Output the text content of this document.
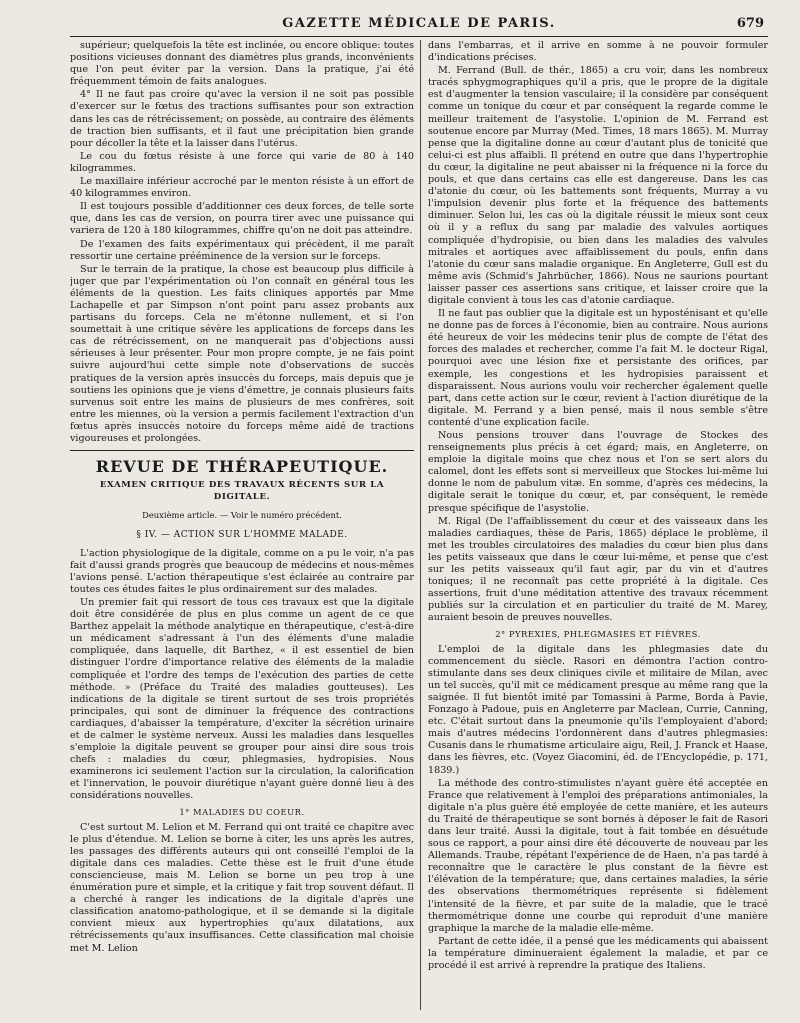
GAZETTE MÉDICALE DE PARIS.	679

supérieur; quelquefois la tête est inclinée, ou encore oblique: toutes positions vicieuses donnant des diamètres plus grands, inconvénients que l'on peut éviter par la version. Dans la pratique, j'ai été fréquemment témoin de faits analogues.

4° Il ne faut pas croire qu'avec la version il ne soit pas possible d'exercer sur le fœtus des tractions suffisantes pour son extraction dans les cas de rétrécissement; on possède, au contraire des éléments de traction bien suffisants, et il faut une précipitation bien grande pour décoller la tête et la laisser dans l'utérus.

Le cou du fœtus résiste à une force qui varie de 80 à 140 kilogrammes.

Le maxillaire inférieur accroché par le menton résiste à un effort de 40 kilogrammes environ.

Il est toujours possible d'additionner ces deux forces, de telle sorte que, dans les cas de version, on pourra tirer avec une puissance qui variera de 120 à 180 kilogrammes, chiffre qu'on ne doit pas atteindre.

De l'examen des faits expérimentaux qui précèdent, il me paraît ressortir une certaine prééminence de la version sur le forceps.

Sur le terrain de la pratique, la chose est beaucoup plus difficile à juger que par l'expérimentation où l'on connaît en général tous les éléments de la question. Les faits cliniques apportés par Mme Lachapelle et par Simpson n'ont point paru assez probants aux partisans du forceps. Cela ne m'étonne nullement, et si l'on soumettait à une critique sévère les applications de forceps dans les cas de rétrécissement, on ne manquerait pas d'objections aussi sérieuses à leur présenter. Pour mon propre compte, je ne fais point suivre aujourd'hui cette simple note d'observations de succès pratiques de la version après insuccès du forceps, mais depuis que je soutiens les opinions que je viens d'émettre, je connais plusieurs faits survenus soit entre les mains de plusieurs de mes confrères, soit entre les miennes, où la version a permis facilement l'extraction d'un fœtus après insuccès notoire du forceps même aidé de tractions vigoureuses et prolongées.

REVUE DE THÉRAPEUTIQUE.
EXAMEN CRITIQUE DES TRAVAUX RÉCENTS SUR LA DIGITALE.
Deuxième article. — Voir le numéro précédent.
§ IV. — ACTION SUR L'HOMME MALADE.

L'action physiologique de la digitale, comme on a pu le voir, n'a pas fait d'aussi grands progrès que beaucoup de médecins et nous-mêmes l'avions pensé. L'action thérapeutique s'est éclairée au contraire par toutes ces études faites le plus ordinairement sur des malades.

Un premier fait qui ressort de tous ces travaux est que la digitale doit être considérée de plus en plus comme un agent de ce que Barthez appelait la méthode analytique en thérapeutique, c'est-à-dire un médicament s'adressant à l'un des éléments d'une maladie compliquée, dans laquelle, dit Barthez, « il est essentiel de bien distinguer l'ordre d'importance relative des éléments de la maladie compliquée et l'ordre des temps de l'exécution des parties de cette méthode. » (Préface du Traité des maladies goutteuses). Les indications de la digitale se tirent surtout de ses trois propriétés principales, qui sont de diminuer la fréquence des contractions cardiaques, d'abaisser la température, d'exciter la sécrétion urinaire et de calmer le système nerveux. Aussi les maladies dans lesquelles s'emploie la digitale peuvent se grouper pour ainsi dire sous trois chefs : maladies du cœur, phlegmasies, hydropisies. Nous examinerons ici seulement l'action sur la circulation, la calorification et l'innervation, le pouvoir diurétique n'ayant guère donné lieu à des considérations nouvelles.

1° MALADIES DU COEUR.

C'est surtout M. Lelion et M. Ferrand qui ont traité ce chapitre avec le plus d'étendue. M. Lelion se borne à citer, les uns après les autres, les passages des différents auteurs qui ont conseillé l'emploi de la digitale dans ces maladies. Cette thèse est le fruit d'une étude consciencieuse, mais M. Lelion se borne un peu trop à une énumération pure et simple, et la critique y fait trop souvent défaut. Il a cherché à ranger les indications de la digitale d'après une classification anatomo-pathologique, et il se demande si la digitale convient mieux aux hypertrophies qu'aux dilatations, aux rétrécissements qu'aux insuffisances. Cette classification mal choisie met M. Lelion

dans l'embarras, et il arrive en somme à ne pouvoir formuler d'indications précises.

M. Ferrand (Bull. de thér., 1865) a cru voir, dans les nombreux tracés sphygmographiques qu'il a pris, que le propre de la digitale est d'augmenter la tension vasculaire; il la considère par conséquent comme un tonique du cœur et par conséquent la regarde comme le meilleur traitement de l'asystolie. L'opinion de M. Ferrand est soutenue encore par Murray (Med. Times, 18 mars 1865). M. Murray pense que la digitaline donne au cœur d'autant plus de tonicité que celui-ci est plus affaibli. Il prétend en outre que dans l'hypertrophie du cœur, la digitaline ne peut abaisser ni la fréquence ni la force du pouls, et que dans certains cas elle est dangereuse. Dans les cas d'atonie du cœur, où les battements sont fréquents, Murray a vu l'impulsion devenir plus forte et la fréquence des battements diminuer. Selon lui, les cas où la digitale réussit le mieux sont ceux où il y a reflux du sang par maladie des valvules aortiques compliquée d'hydropisie, ou bien dans les maladies des valvules mitrales et aortiques avec affaiblissement du pouls, enfin dans l'atonie du cœur sans maladie organique. En Angleterre, Gull est du même avis (Schmid's Jahrbücher, 1866). Nous ne saurions pourtant laisser passer ces assertions sans critique, et laisser croire que la digitale convient à tous les cas d'atonie cardiaque.

Il ne faut pas oublier que la digitale est un hyposténisant et qu'elle ne donne pas de forces à l'économie, bien au contraire. Nous aurions été heureux de voir les médecins tenir plus de compte de l'état des forces des malades et rechercher, comme l'a fait M. le docteur Rigal, pourquoi avec une lésion fixe et persistante des orifices, par exemple, les congestions et les hydropisies paraissent et disparaissent. Nous aurions voulu voir rechercher également quelle part, dans cette action sur le cœur, revient à l'action diurétique de la digitale. M. Ferrand y a bien pensé, mais il nous semble s'être contenté d'une explication facile.

Nous pensions trouver dans l'ouvrage de Stockes des renseignements plus précis à cet égard; mais, en Angleterre, on emploie la digitale moins que chez nous et l'on se sert alors du calomel, dont les effets sont si merveilleux que Stockes lui-même lui donne le nom de pabulum vitæ. En somme, d'après ces médecins, la digitale serait le tonique du cœur, et, par conséquent, le remède presque spécifique de l'asystolie.

M. Rigal (De l'affaiblissement du cœur et des vaisseaux dans les maladies cardiaques, thèse de Paris, 1865) déplace le problème, il met les troubles circulatoires des maladies du cœur bien plus dans les petits vaisseaux que dans le cœur lui-même, et pense que c'est sur les petits vaisseaux qu'il faut agir, par du vin et d'autres toniques; il ne reconnaît pas cette propriété à la digitale. Ces assertions, fruit d'une méditation attentive des travaux récemment publiés sur la circulation et en particulier du traité de M. Marey, auraient besoin de preuves nouvelles.

2° PYREXIES, PHLEGMASIES ET FIÈVRES.

L'emploi de la digitale dans les phlegmasies date du commencement du siècle. Rasori en démontra l'action contro-stimulante dans ses deux cliniques civile et militaire de Milan, avec un tel succès, qu'il mit ce médicament presque au même rang que la saignée. Il fut bientôt imité par Tomassini à Parme, Borda à Pavie, Fonzago à Padoue, puis en Angleterre par Maclean, Currie, Canning, etc. C'était surtout dans la pneumonie qu'ils l'employaient d'abord; mais d'autres médecins l'ordonnèrent dans d'autres phlegmasies: Cusanis dans le rhumatisme articulaire aigu, Reil, J. Franck et Haase, dans les fièvres, etc. (Voyez Giacomini, éd. de l'Encyclopédie, p. 171, 1839.)

La méthode des contro-stimulistes n'ayant guère été acceptée en France que relativement à l'emploi des préparations antimoniales, la digitale n'a plus guère été employée de cette manière, et les auteurs du Traité de thérapeutique se sont bornés à déposer le fait de Rasori dans leur traité. Aussi la digitale, tout à fait tombée en désuétude sous ce rapport, a pour ainsi dire été découverte de nouveau par les Allemands. Traube, répétant l'expérience de de Haen, n'a pas tardé à reconnaître que le caractère le plus constant de la fièvre est l'élévation de la température; que, dans certaines maladies, la série des observations thermométriques représente si fidèlement l'intensité de la fièvre, et par suite de la maladie, que le tracé thermométrique donne une courbe qui reproduit d'une manière graphique la marche de la maladie elle-même.

Partant de cette idée, il a pensé que les médicaments qui abaissent la température diminueraient également la maladie, et par ce procédé il est arrivé à reprendre la pratique des Italiens.
